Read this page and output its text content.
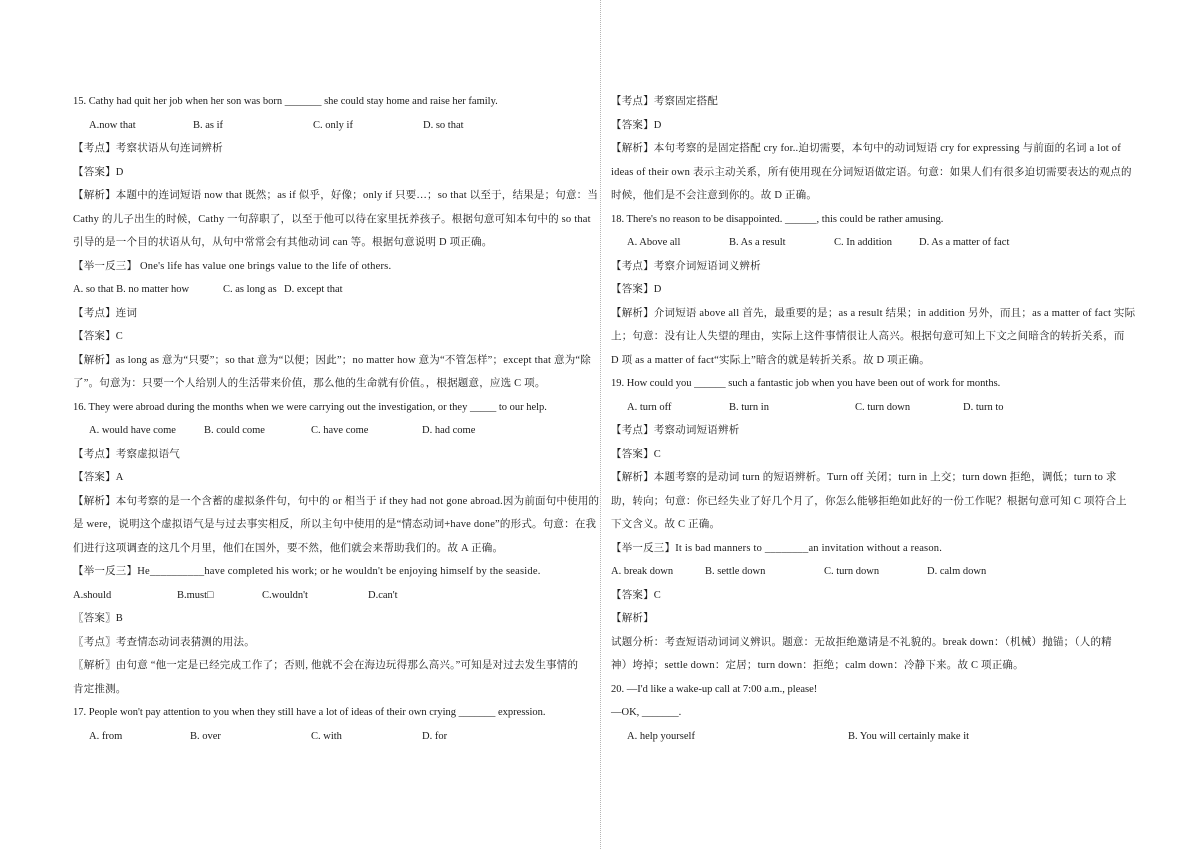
15. Cathy had quit her job when her son was born _______ she could stay home and raise her family.
A.now that	B. as if	C. only if	D. so that
【考点】考察状语从句连词辨析
【答案】D
【解析】本题中的连词短语 now that 既然；as if 似乎，好像；only if 只要…；so that 以至于，结果是；句意：当
Cathy 的儿子出生的时候，Cathy 一句辞职了，以至于他可以待在家里抚养孩子。根据句意可知本句中的 so that
引导的是一个目的状语从句，从句中常常会有其他动词 can 等。根据句意说明 D 项正确。
【举一反三】 One's life has value one brings value to the life of others.
A. so that B. no matter how	C. as long as D. except that
【考点】连词
【答案】C
【解析】as long as 意为“只要”；so that 意为“以便；因此”；no matter how 意为“不管怎样”；except that 意为“除
了”。句意为：只要一个人给别人的生活带来价值，那么他的生命就有价值。，根据题意，应选 C 项。
16. They were abroad during the months when we were carrying out the investigation, or they _____ to our help.
A. would have come	B. could come	C. have come	D. had come
【考点】考察虚拟语气
【答案】A
【解析】本句考察的是一个含蓄的虚拟条件句，句中的 or 相当于 if they had not gone abroad.因为前面句中使用的
是 were，说明这个虚拟语气是与过去事实相反，所以主句中使用的是“情态动词+have done”的形式。句意：在我
们进行这项调查的这几个月里，他们在国外，要不然，他们就会来帮助我们的。故 A 正确。
【举一反三】He__________have completed his work; or he wouldn't be enjoying himself by the seaside.
A.should	B.must□	C.wouldn't	D.can't
〖答案〗B
〖考点〗考查情态动词表猜测的用法。
〖解析〗由句意 “他一定是已经完成工作了；否则, 他就不会在海边玩得那么高兴。”可知是对过去发生事情的
肯定推测。
17. People won't pay attention to you when they still have a lot of ideas of their own crying _______ expression.
A. from	B. over	C. with	D. for
【考点】考察固定搭配
【答案】D
【解析】本句考察的是固定搭配 cry for..迫切需要，本句中的动词短语 cry for expressing 与前面的名词 a lot of
ideas of their own 表示主动关系，所有使用现在分词短语做定语。句意：如果人们有很多迫切需要表达的观点的
时候，他们是不会注意到你的。故 D 正确。
18. There's no reason to be disappointed. ______, this could be rather amusing.
A. Above all	B. As a result	C. In addition	D. As a matter of fact
【考点】考察介词短语词义辨析
【答案】D
【解析】介词短语 above all 首先，最重要的是；as a result 结果；in addition 另外，而且；as a matter of fact 实际
上；句意：没有让人失望的理由，实际上这件事情很让人高兴。根据句意可知上下文之间暗含的转折关系，而
D 项 as a matter of fact“实际上”暗含的就是转折关系。故 D 项正确。
19. How could you ______ such a fantastic job when you have been out of work for months.
A. turn off	B. turn in	C. turn down	D. turn to
【考点】考察动词短语辨析
【答案】C
【解析】本题考察的是动词 turn 的短语辨析。Turn off 关闭；turn in 上交；turn down 拒绝，调低；turn to 求
助，转向；句意：你已经失业了好几个月了，你怎么能够拒绝如此好的一份工作呢？根据句意可知 C 项符合上
下文含义。故 C 正确。
【举一反三】It is bad manners to ________an invitation without a reason.
A. break down	B. settle down	C. turn down	D. calm down
【答案】C
【解析】
试题分析：考查短语动词词义辨识。题意：无故拒绝邀请是不礼貌的。break down：（机械）抛锚；（人的精
神）垮掉；settle down：定居；turn down：拒绝；calm down：冷静下来。故 C 项正确。
20. —I'd like a wake-up call at 7:00 a.m., please!
—OK, _______.
A. help yourself	B. You will certainly make it
